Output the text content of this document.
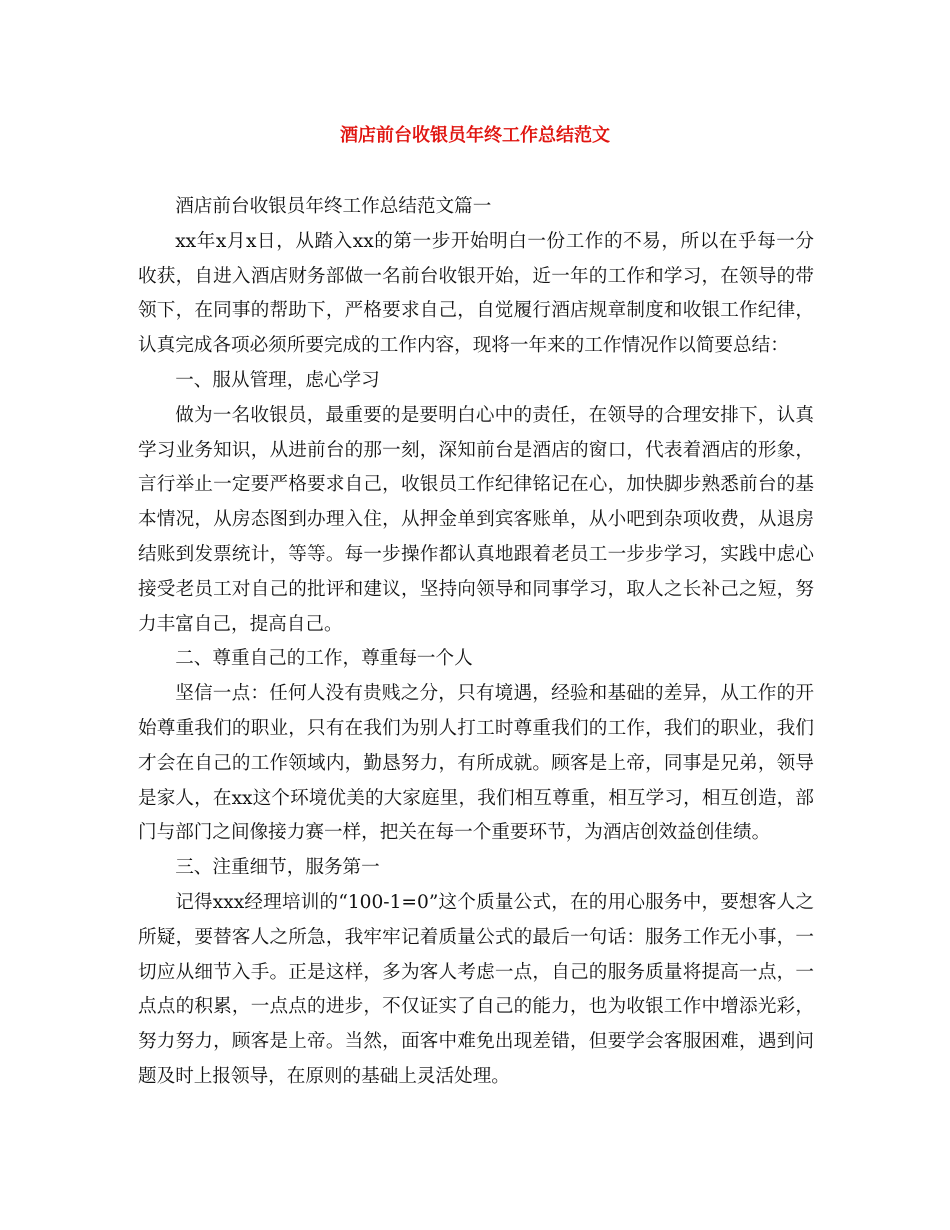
酒店前台收银员年终工作总结范文

酒店前台收银员年终工作总结范文篇一

xx年x月x日，从踏入xx的第一步开始明白一份工作的不易，所以在乎每一分收获，自进入酒店财务部做一名前台收银开始，近一年的工作和学习，在领导的带领下，在同事的帮助下，严格要求自己，自觉履行酒店规章制度和收银工作纪律，认真完成各项必须所要完成的工作内容，现将一年来的工作情况作以简要总结：

一、服从管理，虑心学习

做为一名收银员，最重要的是要明白心中的责任，在领导的合理安排下，认真学习业务知识，从进前台的那一刻，深知前台是酒店的窗口，代表着酒店的形象，言行举止一定要严格要求自己，收银员工作纪律铭记在心，加快脚步熟悉前台的基本情况，从房态图到办理入住，从押金单到宾客账单，从小吧到杂项收费，从退房结账到发票统计，等等。每一步操作都认真地跟着老员工一步步学习，实践中虑心接受老员工对自己的批评和建议，坚持向领导和同事学习，取人之长补己之短，努力丰富自己，提高自己。

二、尊重自己的工作，尊重每一个人

坚信一点：任何人没有贵贱之分，只有境遇，经验和基础的差异，从工作的开始尊重我们的职业，只有在我们为别人打工时尊重我们的工作，我们的职业，我们才会在自己的工作领域内，勤恳努力，有所成就。顾客是上帝，同事是兄弟，领导是家人，在xx这个环境优美的大家庭里，我们相互尊重，相互学习，相互创造，部门与部门之间像接力赛一样，把关在每一个重要环节，为酒店创效益创佳绩。

三、注重细节，服务第一

记得xxx经理培训的“100-1=0”这个质量公式，在的用心服务中，要想客人之所疑，要替客人之所急，我牢牢记着质量公式的最后一句话：服务工作无小事，一切应从细节入手。正是这样，多为客人考虑一点，自己的服务质量将提高一点，一点点的积累，一点点的进步，不仅证实了自己的能力，也为收银工作中增添光彩，努力努力，顾客是上帝。当然，面客中难免出现差错，但要学会客服困难，遇到问题及时上报领导，在原则的基础上灵活处理。
